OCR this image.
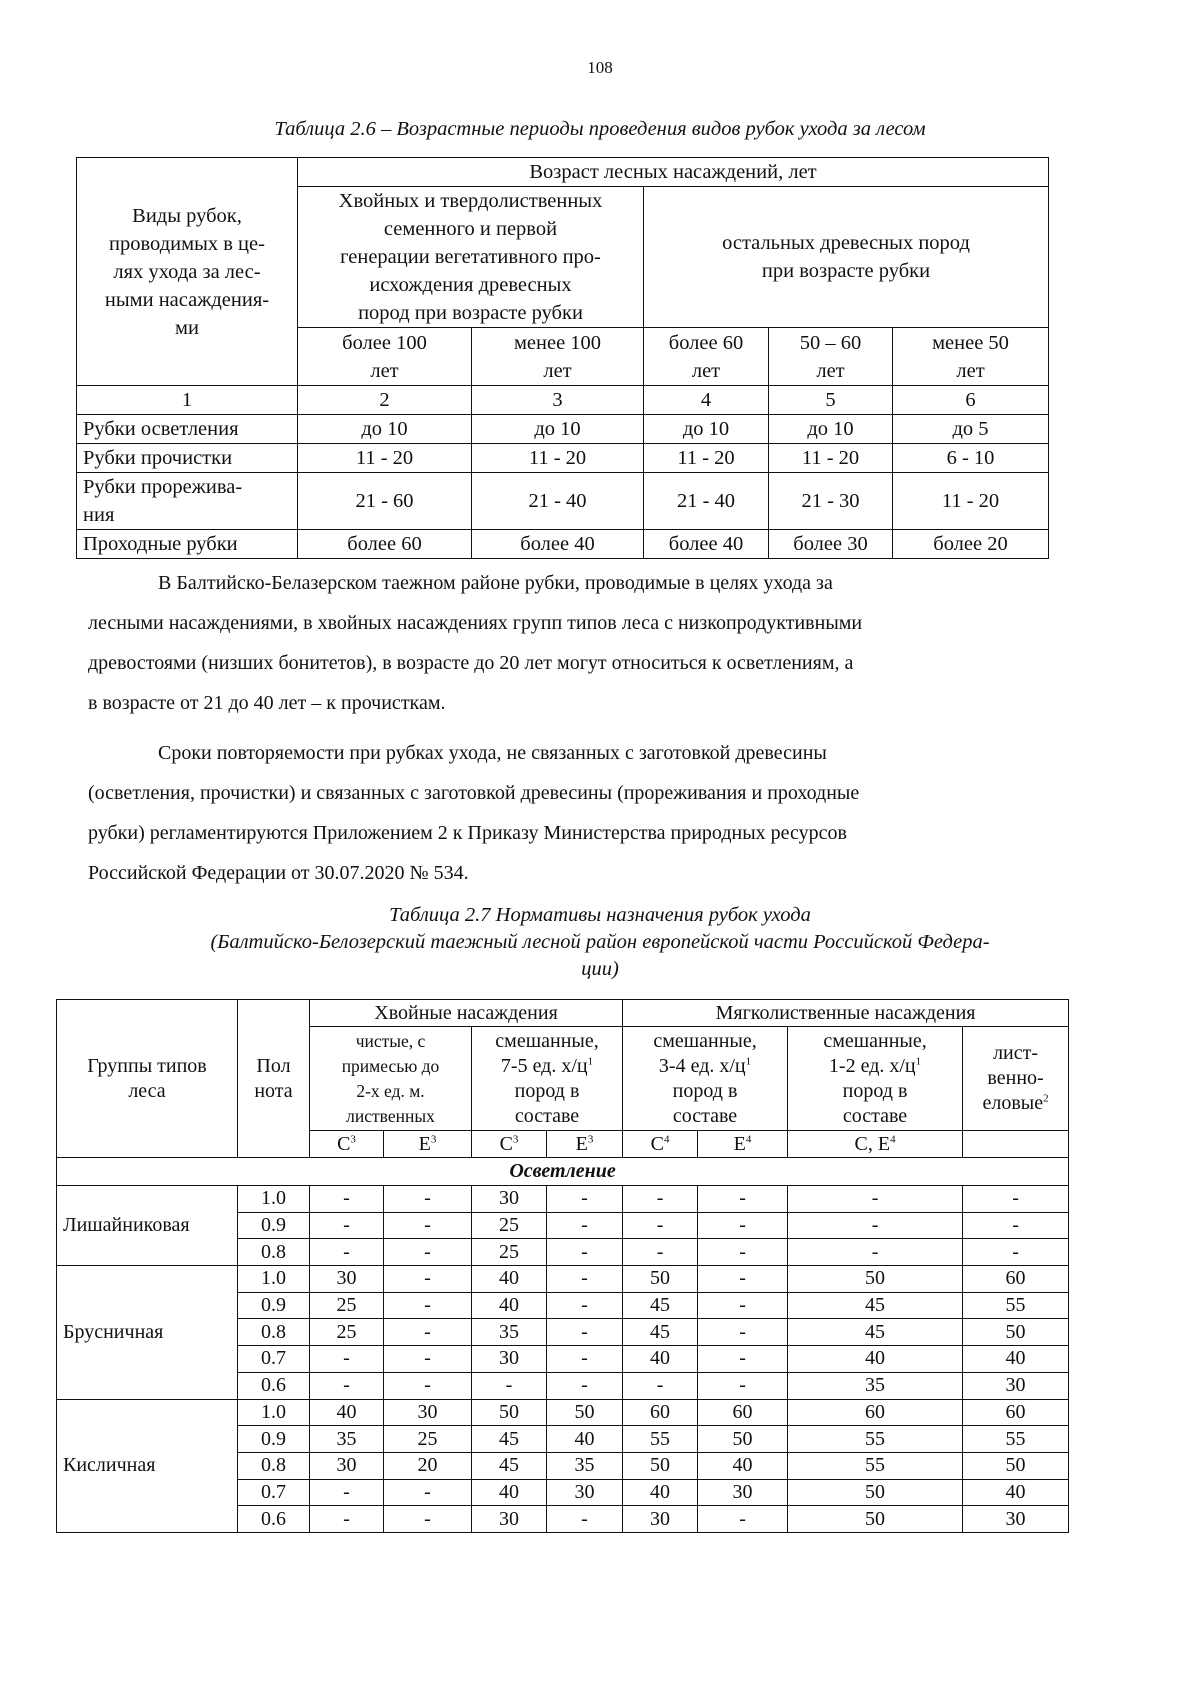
108
Таблица 2.6 – Возрастные периоды проведения видов рубок ухода за лесом
Виды рубок,
проводимых в це-
лях ухода за лес-
ными насаждения-
ми	Возраст лесных насаждений, лет				

	Хвойных и твердолиственных
семенного и первой
генерации вегетативного про-
исхождения древесных
пород при возрасте рубки		остальных древесных пород
при возрасте рубки		

	более 100
лет	менее 100
лет	более 60
лет	50 – 60
лет	менее 50
лет

1	2	3	4	5	6
Рубки осветления	до 10	до 10	до 10	до 10	до 5
Рубки прочистки	11 - 20	11 - 20	11 - 20	11 - 20	6 - 10

Рубки прорежива-
ния	21 - 60	21 - 40	21 - 40	21 - 30	11 - 20
Проходные рубки	более 60	более 40	более 40	более 30	более 20
В Балтийско-Белазерском таежном районе рубки, проводимые в целях ухода за
лесными насаждениями, в хвойных насаждениях групп типов леса с низкопродуктивными
древостоями (низших бонитетов), в возрасте до 20 лет могут относиться к осветлениям, а
в возрасте от 21 до 40 лет – к прочисткам.
Сроки повторяемости при рубках ухода, не связанных с заготовкой древесины
(осветления, прочистки) и связанных с заготовкой древесины (прореживания и проходные
рубки) регламентируются Приложением 2 к Приказу Министерства природных ресурсов
Российской Федерации от 30.07.2020 № 534.
Таблица 2.7 Нормативы назначения рубок ухода
(Балтийско-Белозерский таежный лесной район европейской части Российской Федера-
ции)
Группы типов
леса	Пол
нота	Хвойные насаждения				Мягколиственные насаждения			

		чистые, с
примесью до
2-х ед. м.
лиственных		смешанные,
7-5 ед. $х/ц^1$
пород в
составе		смешанные,
3-4 ед. $х/ц^1$
пород в
составе		смешанные,
1-2 ед. $х/ц^1$
пород в
составе	лист-
венно-
еловые$^2$

		$С^3$	$Е^3$	$С^3$	$Е^3$	$С^4$	$Е^4$	С, $Е^4$	
Осветление									
Лишайниковая	1.0	-	-	30	-	-	-	-	-
	0.9	-	-	25	-	-	-	-	-
	0.8	-	-	25	-	-	-	-	-
Брусничная	1.0	30	-	40	-	50	-	50	60
	0.9	25	-	40	-	45	-	45	55
	0.8	25	-	35	-	45	-	45	50
	0.7	-	-	30	-	40	-	40	40
	0.6	-	-	-	-	-	-	35	30
Кисличная	1.0	40	30	50	50	60	60	60	60
	0.9	35	25	45	40	55	50	55	55
	0.8	30	20	45	35	50	40	55	50
	0.7	-	-	40	30	40	30	50	40
	0.6	-	-	30	-	30	-	50	30
